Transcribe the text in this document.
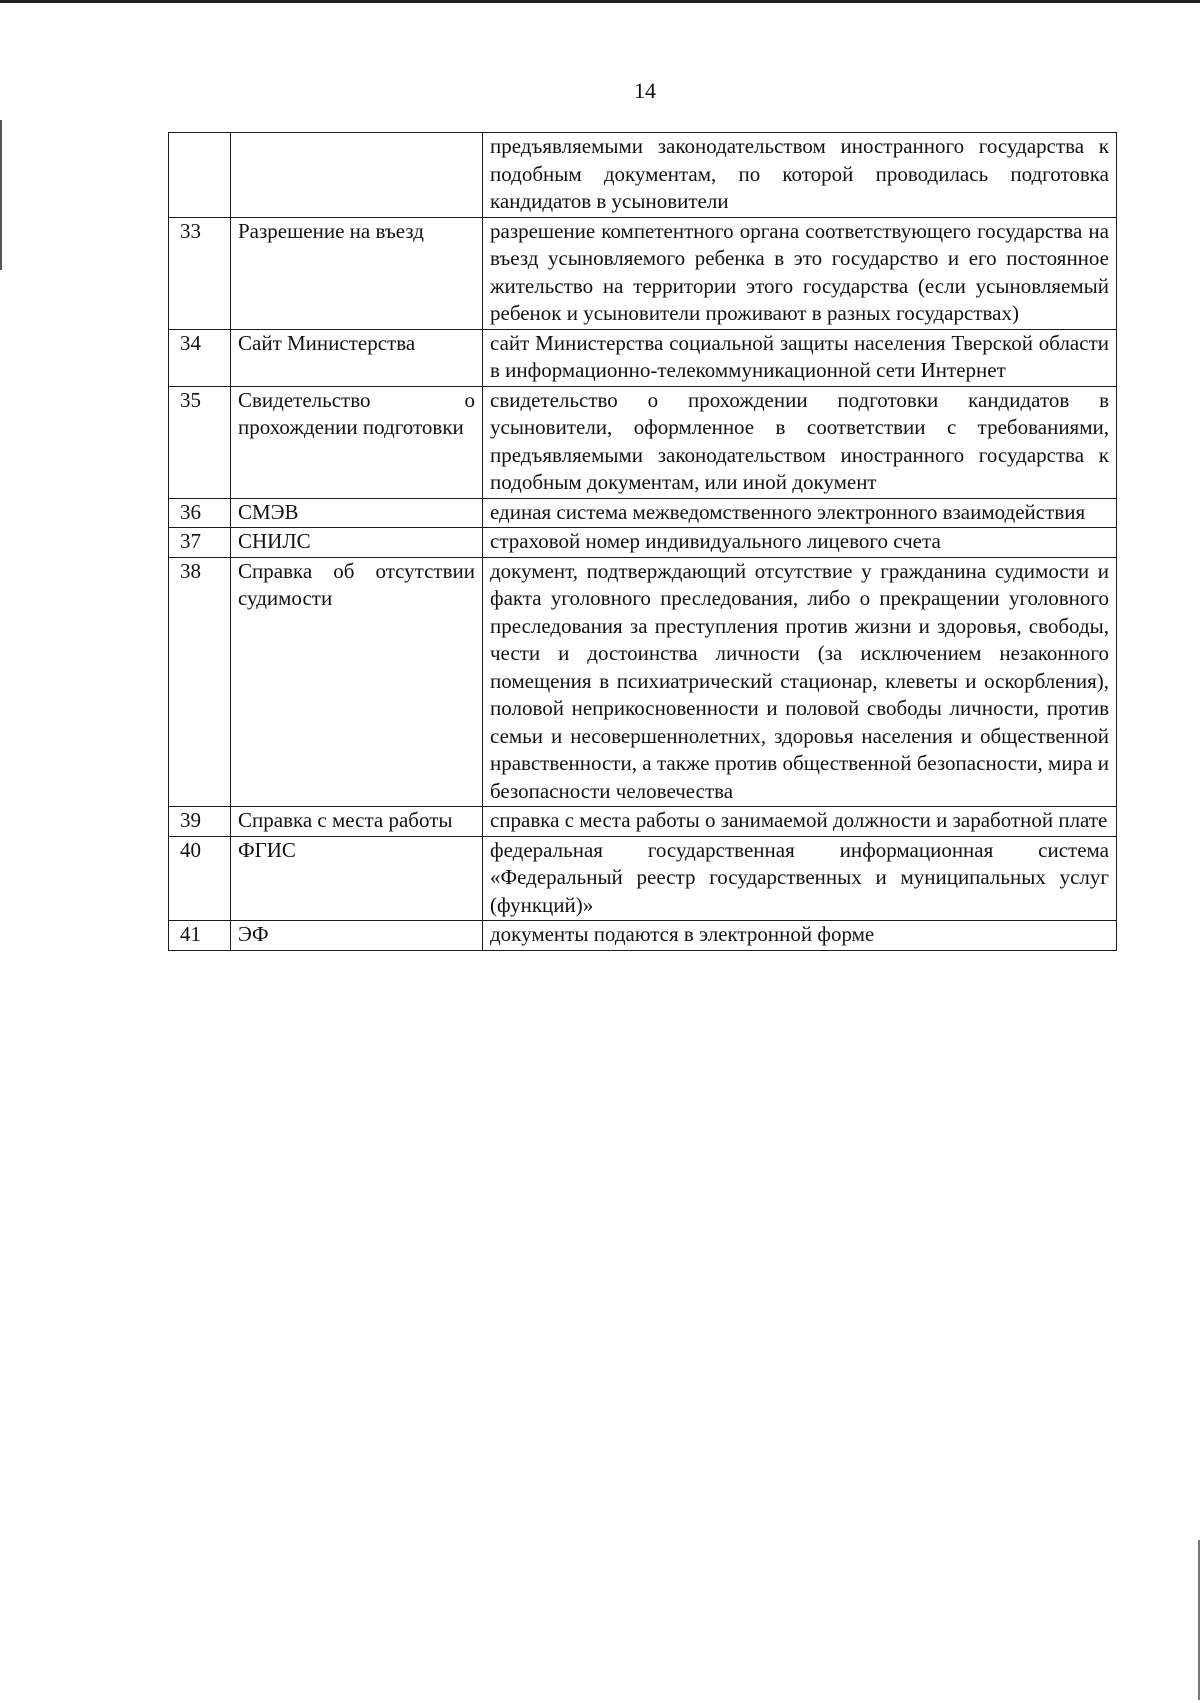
14
		предъявляемыми законодательством иностранного государства к подобным документам, по которой проводилась подготовка кандидатов в усыновители
33	Разрешение на въезд	разрешение компетентного органа соответствующего государства на въезд усыновляемого ребенка в это государство и его постоянное жительство на территории этого государства (если усыновляемый ребенок и усыновители проживают в разных государствах)
34	Сайт Министерства	сайт Министерства социальной защиты населения Тверской области в информационно-телекоммуникационной сети Интернет
35	Свидетельство о прохождении подготовки	свидетельство о прохождении подготовки кандидатов в усыновители, оформленное в соответствии с требованиями, предъявляемыми законодательством иностранного государства к подобным документам, или иной документ
36	СМЭВ	единая система межведомственного электронного взаимодействия
37	СНИЛС	страховой номер индивидуального лицевого счета
38	Справка об отсутствии судимости	документ, подтверждающий отсутствие у гражданина судимости и факта уголовного преследования, либо о прекращении уголовного преследования за преступления против жизни и здоровья, свободы, чести и достоинства личности (за исключением незаконного помещения в психиатрический стационар, клеветы и оскорбления), половой неприкосновенности и половой свободы личности, против семьи и несовершеннолетних, здоровья населения и общественной нравственности, а также против общественной безопасности, мира и безопасности человечества
39	Справка с места работы	справка с места работы о занимаемой должности и заработной плате
40	ФГИС	федеральная государственная информационная система «Федеральный реестр государственных и муниципальных услуг (функций)»
41	ЭФ	документы подаются в электронной форме
